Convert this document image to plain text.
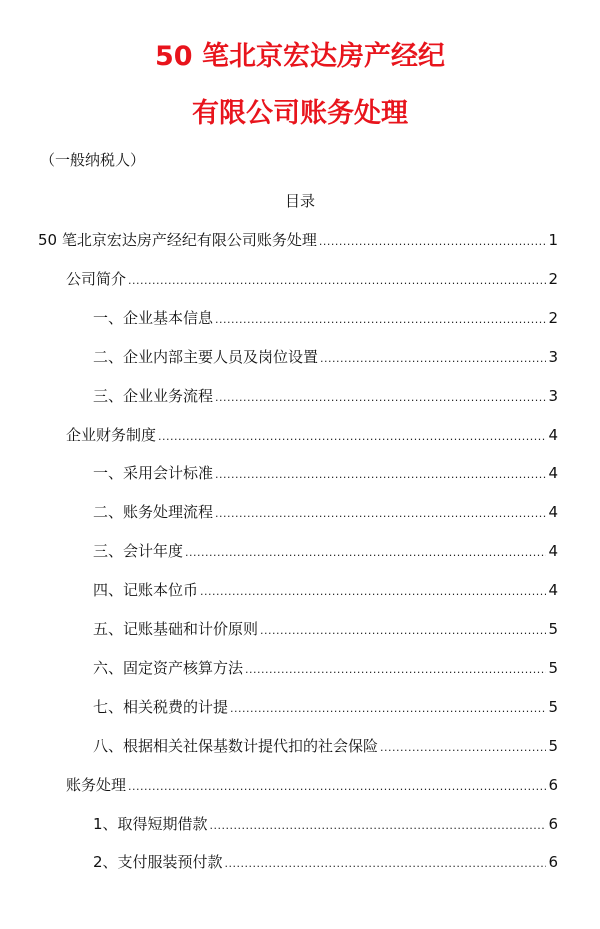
50 笔北京宏达房产经纪
有限公司账务处理
（一般纳税人）
目录
50 笔北京宏达房产经纪有限公司账务处理 .....	1
公司简介 .....	2
一、企业基本信息 .....	2
二、企业内部主要人员及岗位设置 .....	3
三、企业业务流程 .....	3
企业财务制度 .....	4
一、采用会计标准 .....	4
二、账务处理流程 .....	4
三、会计年度 .....	4
四、记账本位币 .....	4
五、记账基础和计价原则 .....	5
六、固定资产核算方法 .....	5
七、相关税费的计提 .....	5
八、根据相关社保基数计提代扣的社会保险 .....	5
账务处理 .....	6
1、取得短期借款 .....	6
2、支付服装预付款 .....	6
